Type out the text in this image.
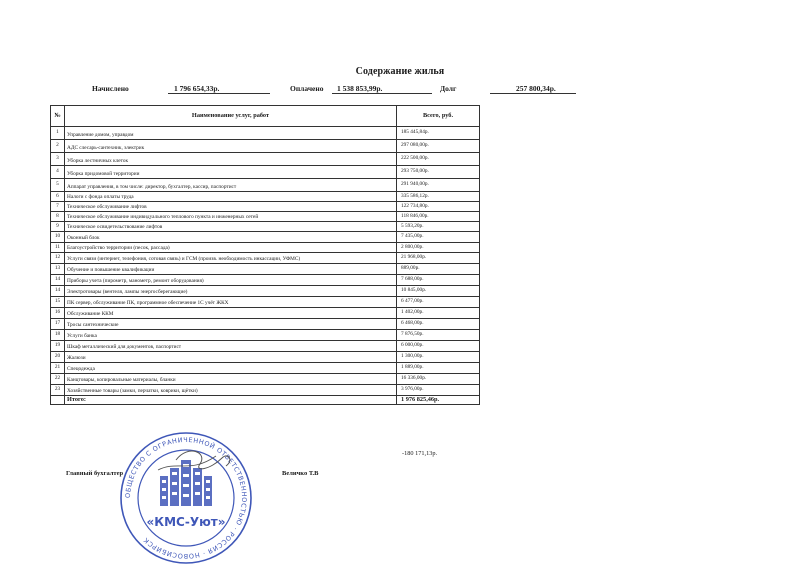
Содержание жилья
Начислено	1 796 654,33р.	Оплачено 1 538 853,99р.	Долг	257 800,34р.
№	Наименование услуг, работ	Всего, руб.
1	Управление домом, управдом	185 445,84р.
2	АДС слесарь-сантехник, электрик	297 080,00р.
3	Уборка лестничных клеток	222 500,00р.
4	Уборка придомовой территории	293 750,00р.
5	Аппарат управления, в том числе: директор, бухгалтер, кассир, паспортист	291 940,00р.
6	Налоги с фонда оплаты труда	335 586,12р.
7	Техническое обслуживание лифтов	122 734,80р.
8	Техническое обслуживание индивидуального теплового пункта и инженерных сетей	118 846,00р.
9	Техническое освидетельствование лифтов	5 593,20р.
10	Оконный блок	7 435,00р.
11	Благоустройство территории (песок, рассада)	2 800,00р.
12	Услуги связи (интернет, телефония, сотовая связь) и ГСМ (произв. необходимость инкассации, УФМС)	21 968,00р.
13	Обучение и повышение квалификации	889,00р.
14	Приборы учета (пирометр, манометр, ремонт оборудования)	7 688,00р.
14	Электротовары (вентеля, лампы энергосберегающие)	10 845,00р.
15	ПК сервер, обслуживание ПК, программное обеспечение 1С учёт ЖКХ	6 477,00р.
16	Обслуживание ККМ	1 402,00р.
17	Тросы сантехнические	6 468,00р.
18	Услуги банка	7 876,50р.
19	Шкаф металлический для документов, паспортист	6 000,00р.
20	Жалюзи	1 300,00р.
21	Спецодежда	1 889,00р.
22	Канцтовары, копировальные материалы, бланки	16 336,00р.
23	Хозяйственные товары (замки, перчатки, коврики, щётки)	3 976,00р.
	Итого:	1 976 825,46р.
-180 171,13р.
Главный бухгалтер	Величко Т.В
ОБЩЕСТВО С ОГРАНИЧЕННОЙ ОТВЕТСТВЕННОСТЬЮ · РОССИЯ · НОВОСИБИРСК
«КМС-Уют»
